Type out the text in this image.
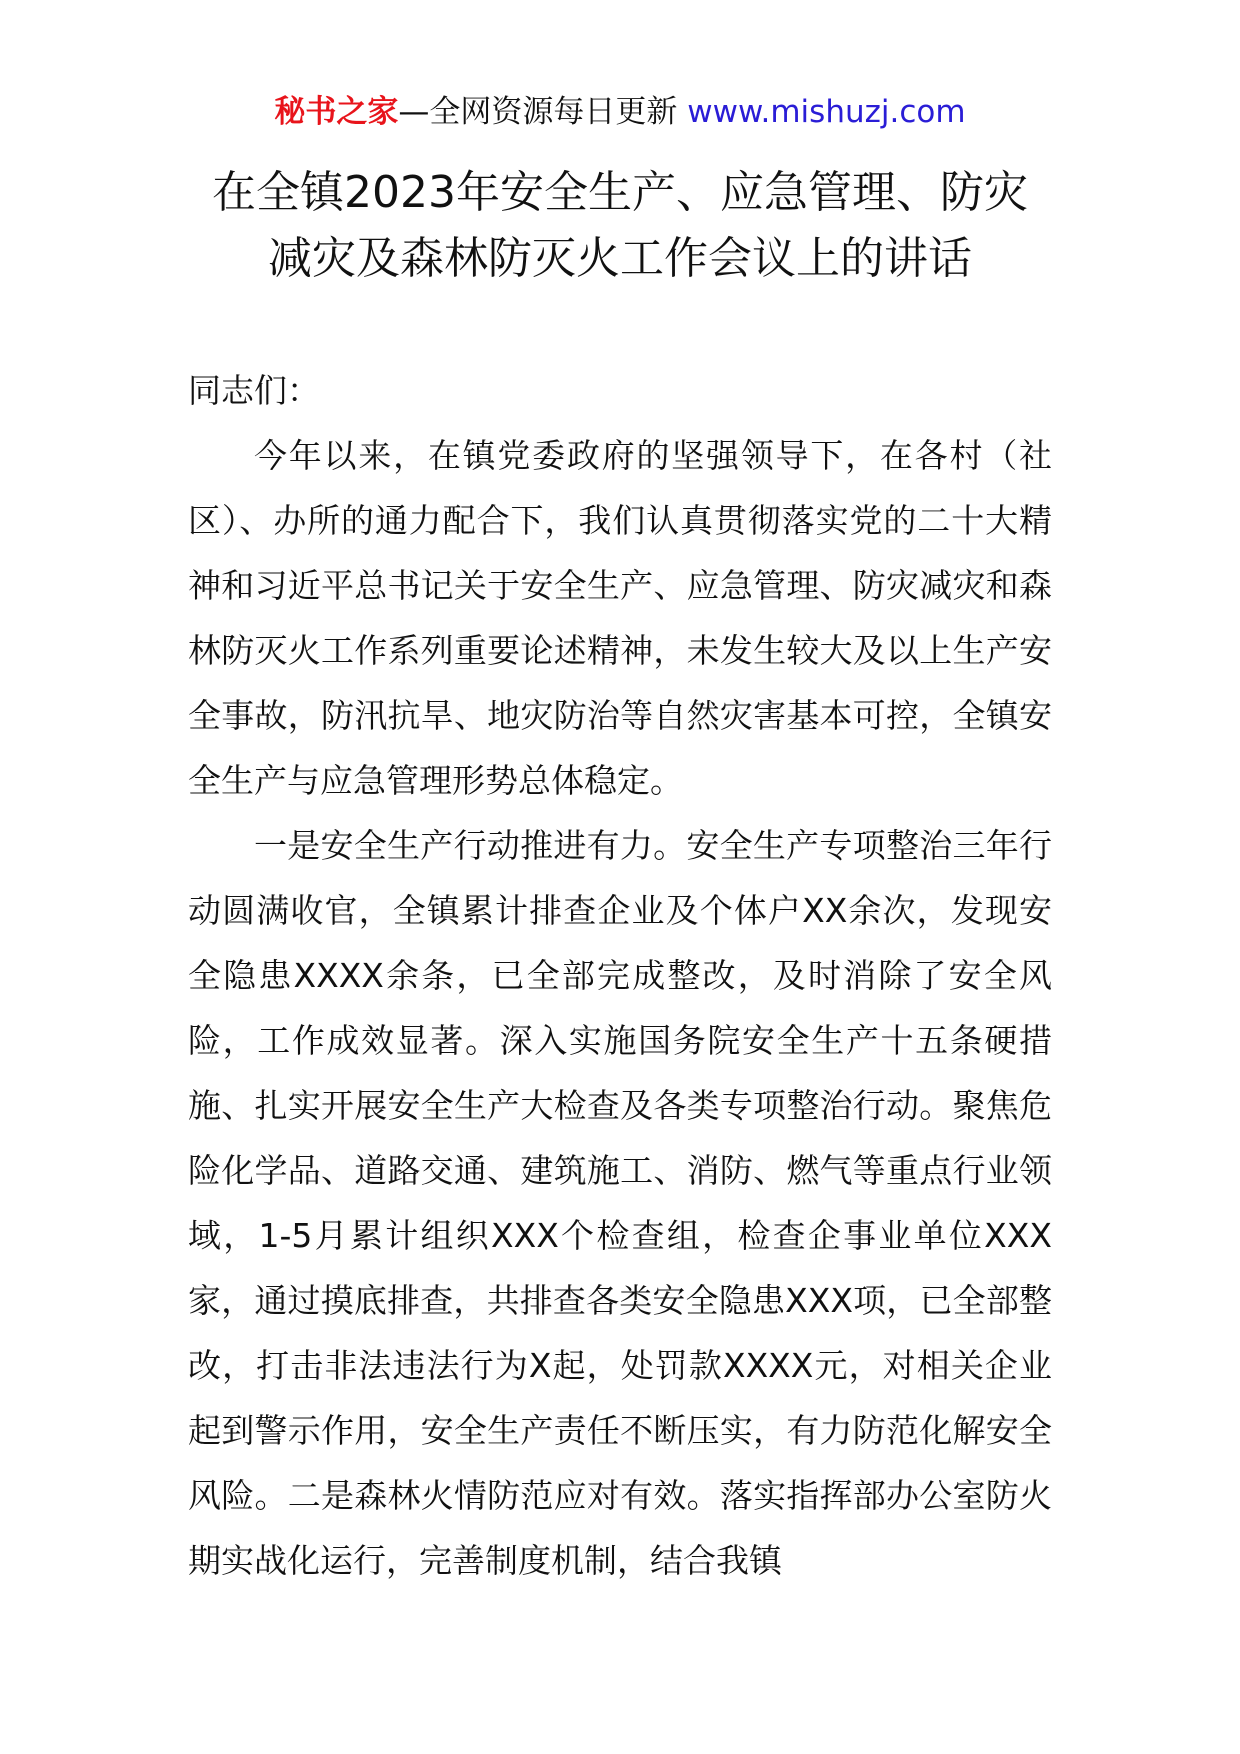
秘书之家—全网资源每日更新 www.mishuzj.com
在全镇2023年安全生产、应急管理、防灾
减灾及森林防灭火工作会议上的讲话

同志们：

今年以来，在镇党委政府的坚强领导下，在各村（社区）、办所的通力配合下，我们认真贯彻落实党的二十大精神和习近平总书记关于安全生产、应急管理、防灾减灾和森林防灭火工作系列重要论述精神，未发生较大及以上生产安全事故，防汛抗旱、地灾防治等自然灾害基本可控，全镇安全生产与应急管理形势总体稳定。

一是安全生产行动推进有力。安全生产专项整治三年行动圆满收官，全镇累计排查企业及个体户XX余次，发现安全隐患XXXX余条，已全部完成整改，及时消除了安全风险，工作成效显著。深入实施国务院安全生产十五条硬措施、扎实开展安全生产大检查及各类专项整治行动。聚焦危险化学品、道路交通、建筑施工、消防、燃气等重点行业领域，1-5月累计组织XXX个检查组，检查企事业单位XXX家，通过摸底排查，共排查各类安全隐患XXX项，已全部整改，打击非法违法行为X起，处罚款XXXX元，对相关企业起到警示作用，安全生产责任不断压实，有力防范化解安全风险。二是森林火情防范应对有效。落实指挥部办公室防火期实战化运行，完善制度机制，结合我镇
